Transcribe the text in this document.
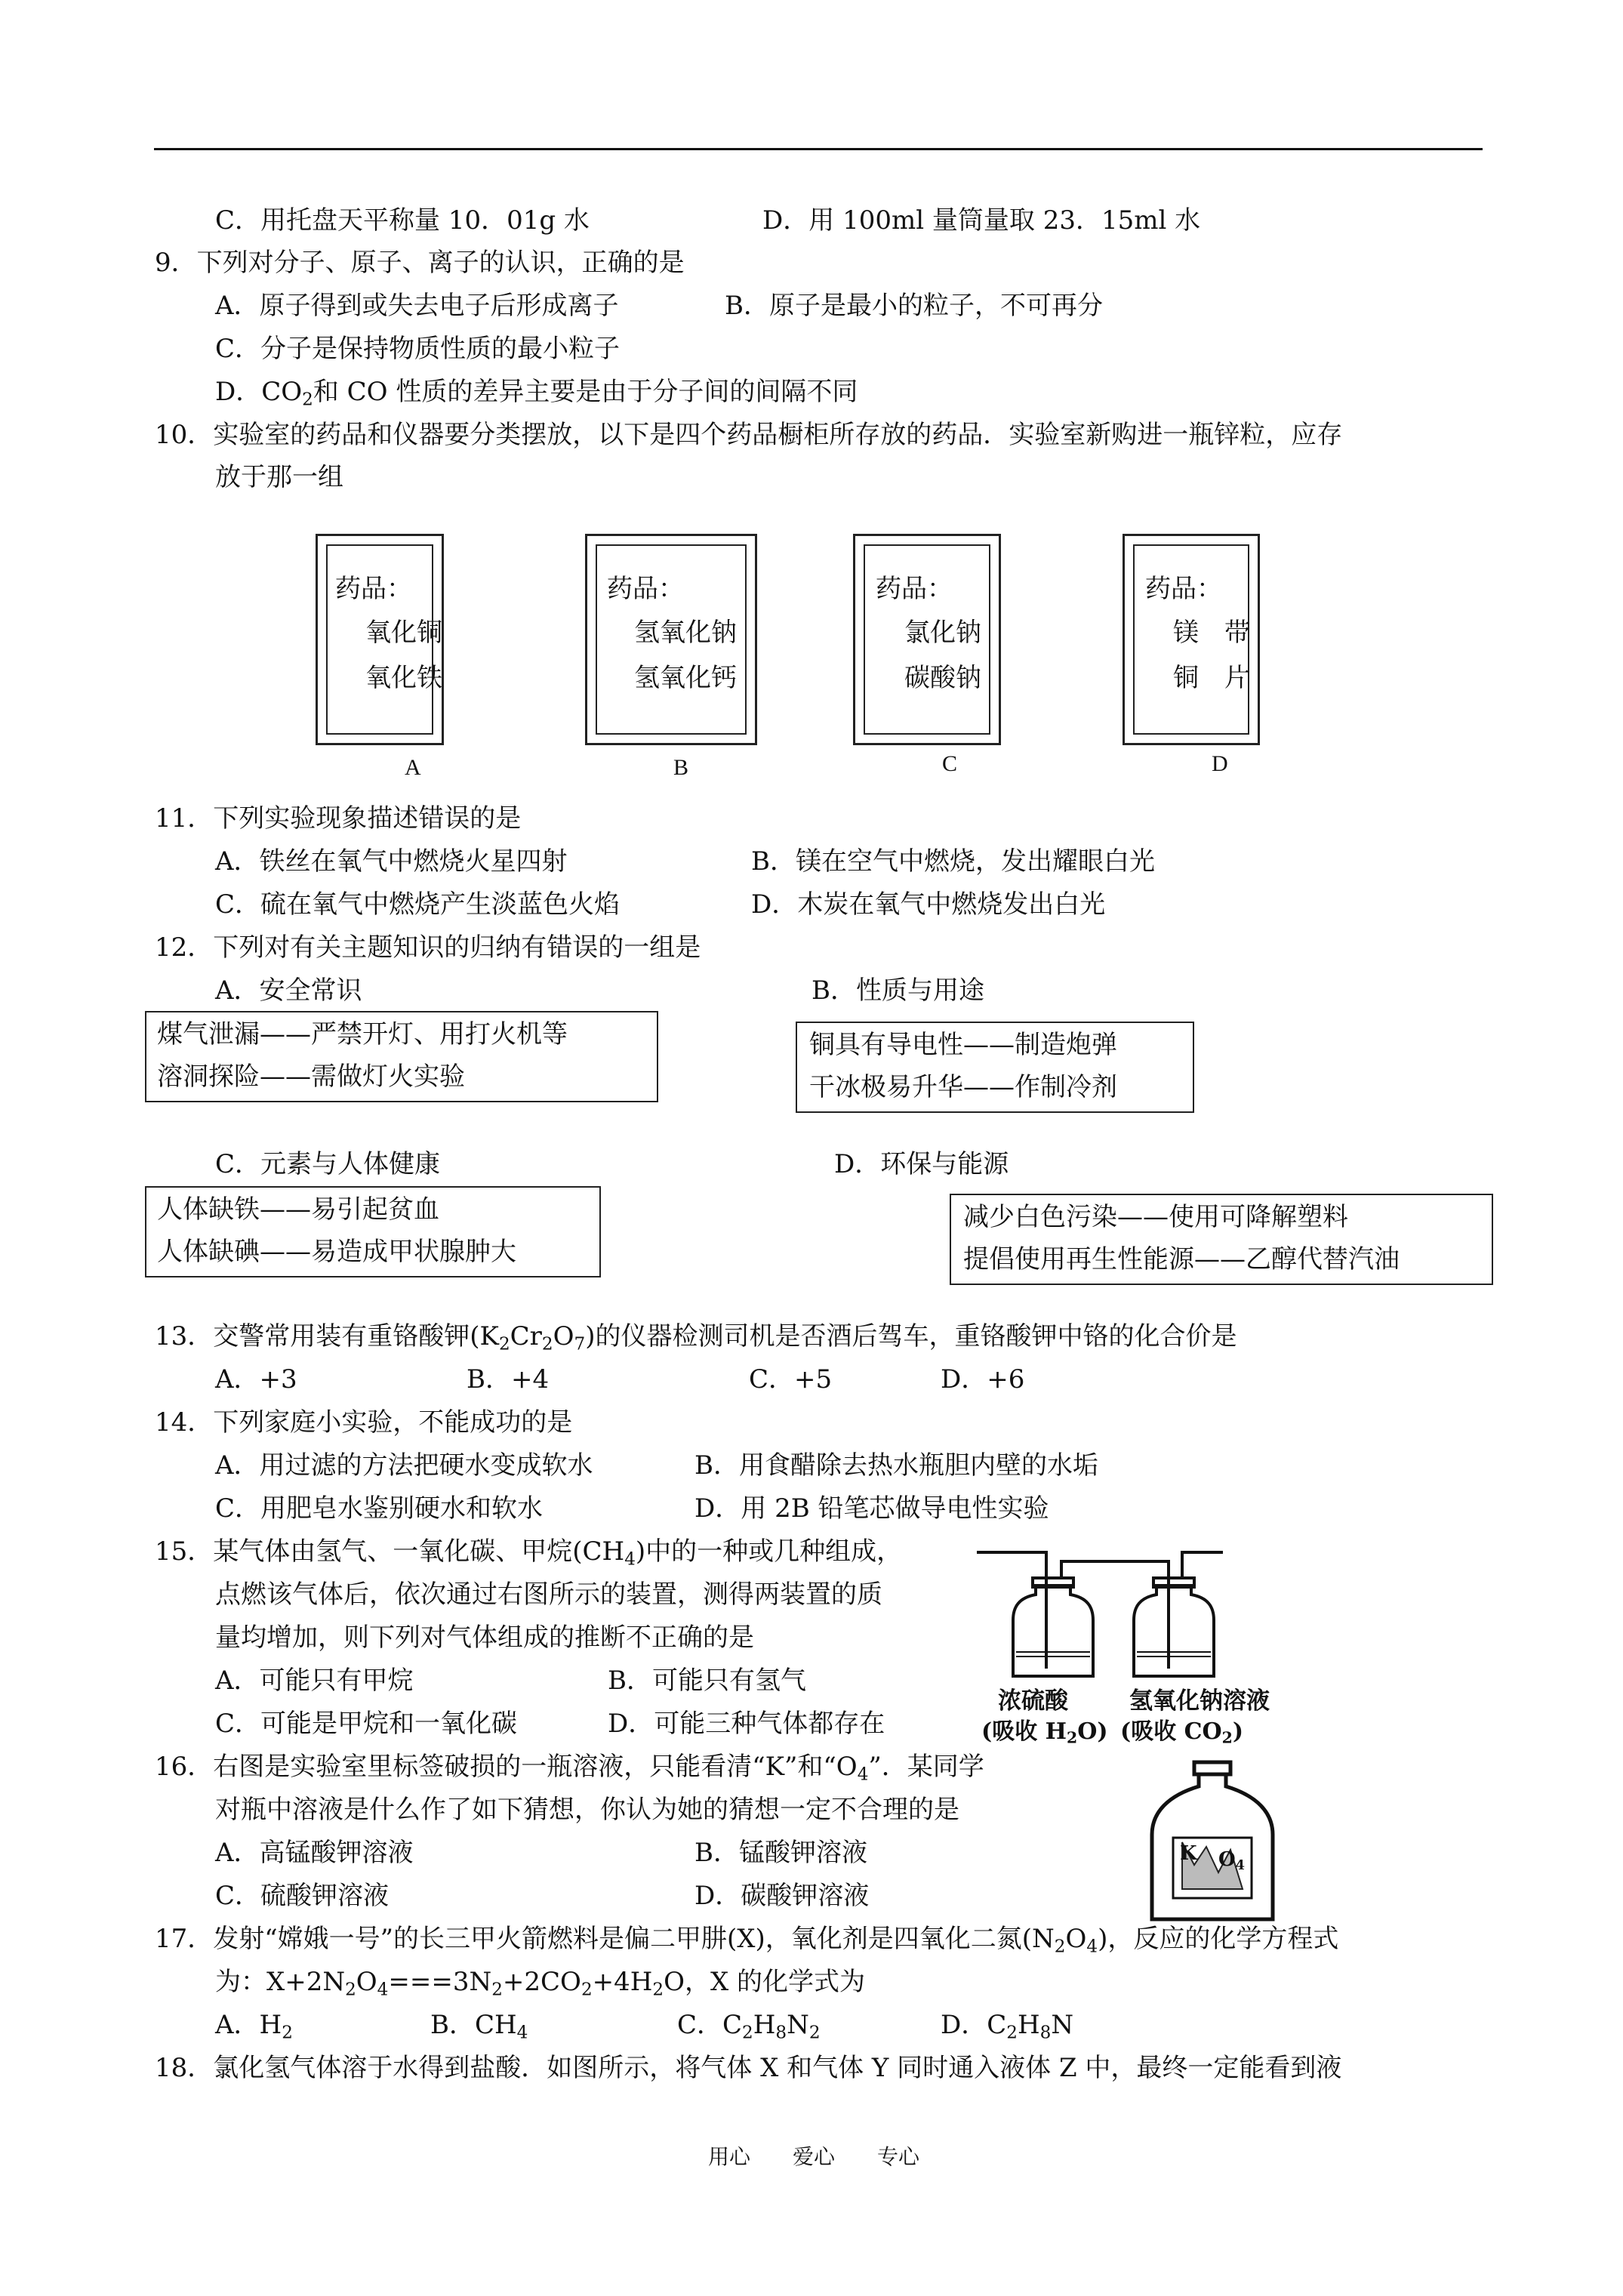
C．用托盘天平称量 10．01g 水	D．用 100ml 量筒量取 23．15ml 水
9．下列对分子、原子、离子的认识，正确的是
A．原子得到或失去电子后形成离子	B．原子是最小的粒子，不可再分
C．分子是保持物质性质的最小粒子
D．$CO_2$和 CO 性质的差异主要是由于分子间的间隔不同
10．实验室的药品和仪器要分类摆放，以下是四个药品橱柜所存放的药品．实验室新购进一瓶锌粒，应存
放于那一组
药品：
氧化铜
氧化铁
A
药品：
氢氧化钠
氢氧化钙
B
药品：
氯化钠
碳酸钠
C
药品：
镁　带
铜　片
D
11．下列实验现象描述错误的是
A．铁丝在氧气中燃烧火星四射	B．镁在空气中燃烧，发出耀眼白光
C．硫在氧气中燃烧产生淡蓝色火焰	D．木炭在氧气中燃烧发出白光
12．下列对有关主题知识的归纳有错误的一组是
A．安全常识	B．性质与用途
煤气泄漏——严禁开灯、用打火机等
溶洞探险——需做灯火实验
铜具有导电性——制造炮弹
干冰极易升华——作制冷剂
C．元素与人体健康	D．环保与能源
人体缺铁——易引起贫血
人体缺碘——易造成甲状腺肿大
减少白色污染——使用可降解塑料
提倡使用再生性能源——乙醇代替汽油
13．交警常用装有重铬酸钾$(K_2Cr_2O_7)$的仪器检测司机是否酒后驾车，重铬酸钾中铬的化合价是
A．+3	B．+4	C．+5	D．+6
14．下列家庭小实验，不能成功的是
A．用过滤的方法把硬水变成软水	B．用食醋除去热水瓶胆内壁的水垢
C．用肥皂水鉴别硬水和软水	D．用 2B 铅笔芯做导电性实验
15．某气体由氢气、一氧化碳、甲烷$(CH_4)$中的一种或几种组成，
点燃该气体后，依次通过右图所示的装置，测得两装置的质
量均增加，则下列对气体组成的推断不正确的是
A．可能只有甲烷	B．可能只有氢气
C．可能是甲烷和一氧化碳	D．可能三种气体都存在
浓硫酸	氢氧化钠溶液
(吸收 $H_2O$) (吸收 $CO_2$)
16．右图是实验室里标签破损的一瓶溶液，只能看清“K”和“$O_4$”．某同学
对瓶中溶液是什么作了如下猜想，你认为她的猜想一定不合理的是
A．高锰酸钾溶液	B．锰酸钾溶液
C．硫酸钾溶液	D．碳酸钾溶液
K $O_4$
17．发射“嫦娥一号”的长三甲火箭燃料是偏二甲肼(X)，氧化剂是四氧化二氮$(N_2O_4)$，反应的化学方程式
为：$X+2N_2O_4===3N_2+2CO_2+4H_2O$，X 的化学式为
A．$H_2$	B．$CH_4$	C．$C_2H_8N_2$	D．$C_2H_8N$
18．氯化氢气体溶于水得到盐酸．如图所示，将气体 X 和气体 Y 同时通入液体 Z 中，最终一定能看到液
用心　　爱心　　专心
